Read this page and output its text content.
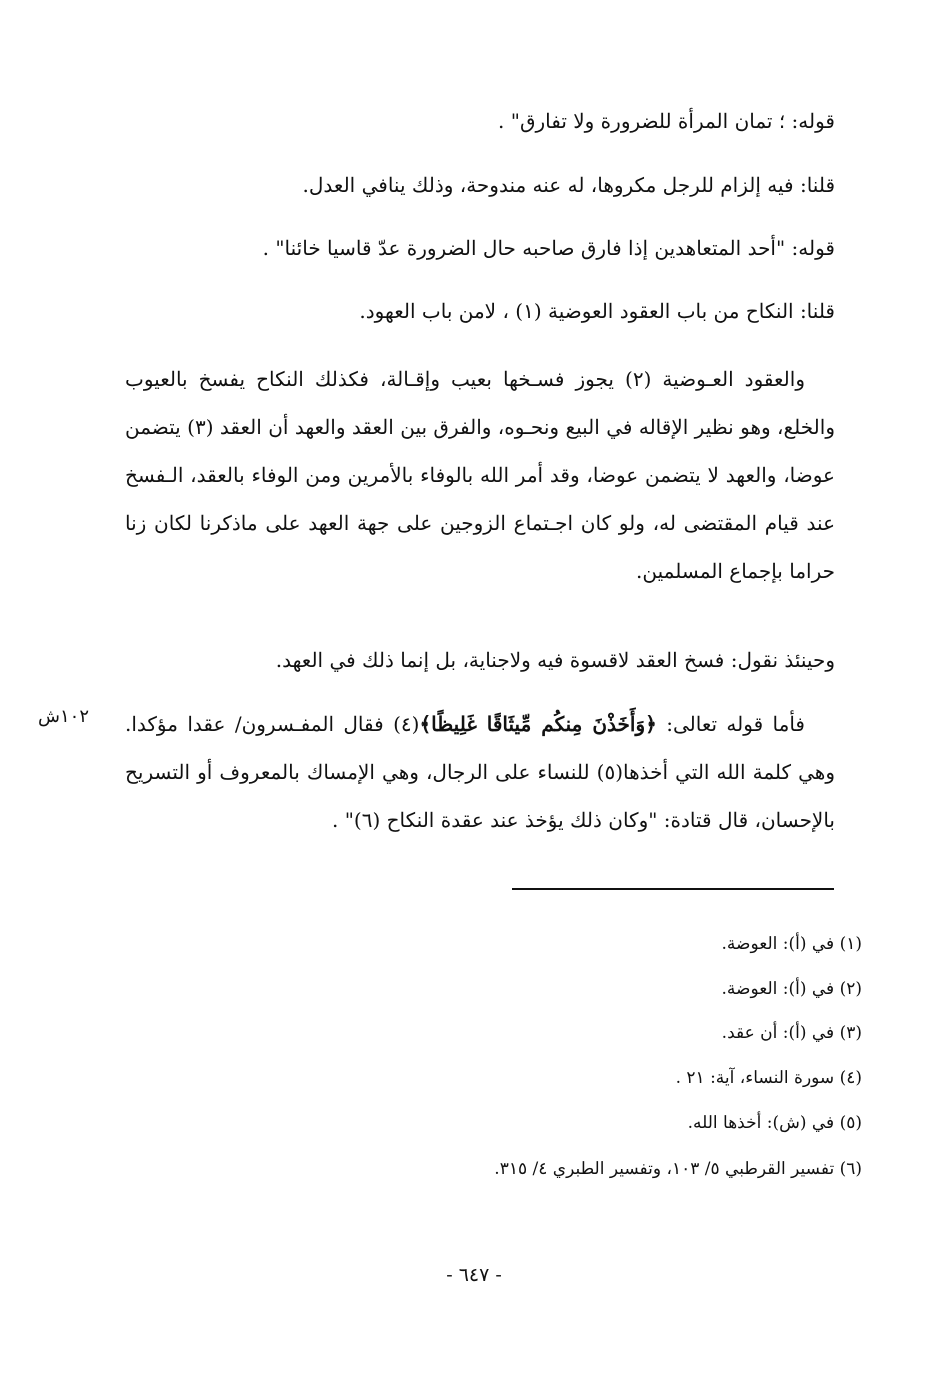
قوله: ؛ تمان المرأة للضرورة ولا تفارق" .
قلنا: فيه إلزام للرجل مكروها، له عنه مندوحة، وذلك ينافي العدل.
قوله: "أحد المتعاهدين إذا فارق صاحبه حال الضرورة عدّ قاسيا خائنا" .
قلنا: النكاح من باب العقود العوضية (١) ، لامن باب العهود.
والعقود العـوضية (٢) يجوز فسـخها بعيب وإقـالة، فكذلك النكاح يفسخ بالعيوب والخلع، وهو نظير الإقاله في البيع ونحـوه، والفرق بين العقد والعهد أن العقد (٣) يتضمن عوضا، والعهد لا يتضمن عوضا، وقد أمر الله بالوفاء بالأمرين ومن الوفاء بالعقد، الـفسخ عند قيام المقتضى له، ولو كان اجـتماع الزوجين على جهة العهد على ماذكرنا لكان زنا حراما بإجماع المسلمين.
وحينئذ نقول: فسخ العقد لاقسوة فيه ولاجناية، بل إنما ذلك في العهد.
فأما قوله تعالى: ﴿وَأَخَذْنَ مِنكُم مِّيثَاقًا غَلِيظًا﴾(٤) فقال المفـسرون/ عقدا مؤكدا. وهي كلمة الله التي أخذها(٥) للنساء على الرجال، وهي الإمساك بالمعروف أو التسريح بالإحسان، قال قتادة: "وكان ذلك يؤخذ عند عقدة النكاح (٦)" .
١٠٢ش
(١) في (أ): العوضة.
(٢) في (أ): العوضة.
(٣) في (أ): أن عقد.
(٤) سورة النساء، آية: ٢١ .
(٥) في (ش): أخذها الله.
(٦) تفسير القرطبي ٥/ ١٠٣، وتفسير الطبري ٤/ ٣١٥.
- ٦٤٧ -
